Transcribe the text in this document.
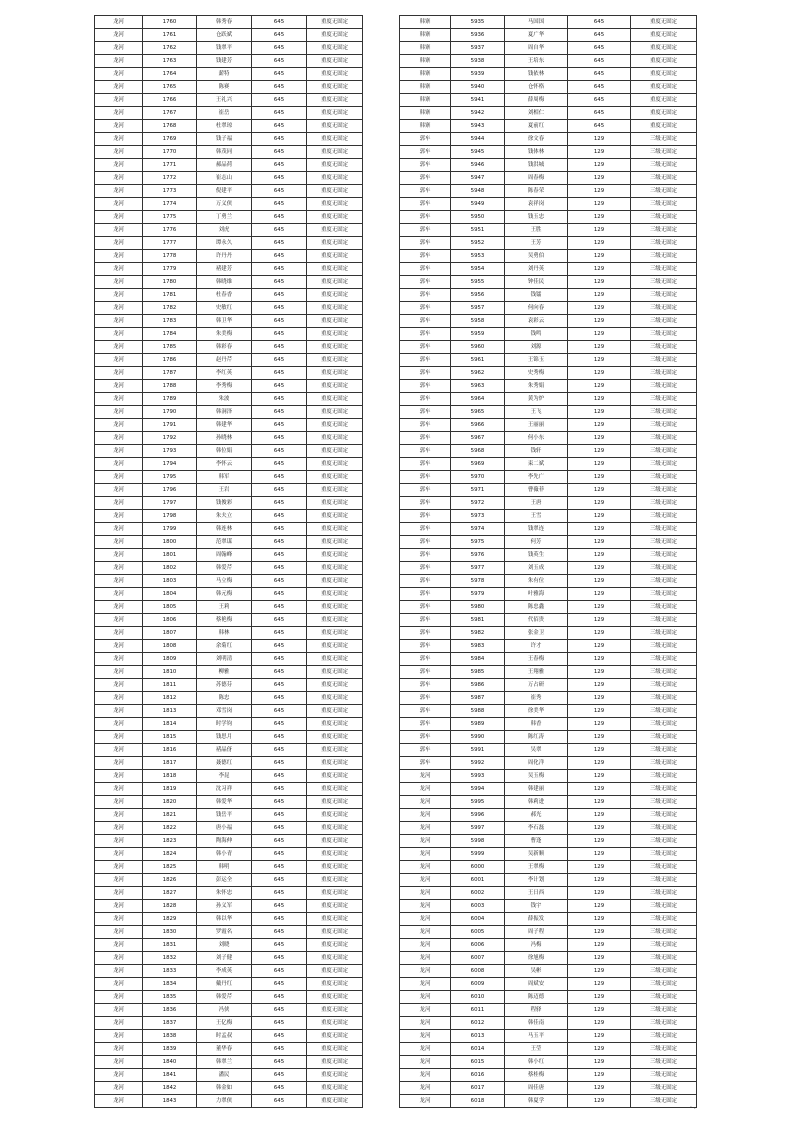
龙河	1760	韩秀春	645	重度无固定
龙河	1761	仓跃斌	645	重度无固定
龙河	1762	钱翠平	645	重度无固定
龙河	1763	钱建芳	645	重度无固定
龙河	1764	薪特	645	重度无固定
龙河	1765	陈赛	645	重度无固定
龙河	1766	王礼兴	645	重度无固定
龙河	1767	崔岳	645	重度无固定
龙河	1768	杜翠琼	645	重度无固定
龙河	1769	钱子福	645	重度无固定
龙河	1770	韩茂同	645	重度无固定
龙河	1771	郝品荷	645	重度无固定
龙河	1772	崔志山	645	重度无固定
龙河	1773	倪建平	645	重度无固定
龙河	1774	万义侠	645	重度无固定
龙河	1775	丁勇兰	645	重度无固定
龙河	1776	刘虎	645	重度无固定
龙河	1777	谭永久	645	重度无固定
龙河	1778	许丹丹	645	重度无固定
龙河	1779	褚建芳	645	重度无固定
龙河	1780	韩晓维	645	重度无固定
龙河	1781	杜春香	645	重度无固定
龙河	1782	史敏红	645	重度无固定
龙河	1783	韩卫华	645	重度无固定
龙河	1784	朱美梅	645	重度无固定
龙河	1785	韩彩春	645	重度无固定
龙河	1786	赵丹芹	645	重度无固定
龙河	1787	李红英	645	重度无固定
龙河	1788	李秀梅	645	重度无固定
龙河	1789	朱波	645	重度无固定
龙河	1790	韩洞泽	645	重度无固定
龙河	1791	韩建华	645	重度无固定
龙河	1792	孙晓林	645	重度无固定
龙河	1793	韩位娟	645	重度无固定
龙河	1794	李怀云	645	重度无固定
龙河	1795	韩军	645	重度无固定
龙河	1796	王岩	645	重度无固定
龙河	1797	钱俊彩	645	重度无固定
龙河	1798	朱夫立	645	重度无固定
龙河	1799	韩连林	645	重度无固定
龙河	1800	范翠谋	645	重度无固定
龙河	1801	周翰峰	645	重度无固定
龙河	1802	韩爱芹	645	重度无固定
龙河	1803	马立梅	645	重度无固定
龙河	1804	韩元梅	645	重度无固定
龙河	1805	王莉	645	重度无固定
龙河	1806	蔡艳梅	645	重度无固定
龙河	1807	韩林	645	重度无固定
龙河	1808	余菊红	645	重度无固定
龙河	1809	刘明清	645	重度无固定
龙河	1810	柳雅	645	重度无固定
龙河	1811	苏德芬	645	重度无固定
龙河	1812	陈忠	645	重度无固定
龙河	1813	邓雪岗	645	重度无固定
龙河	1814	时学钧	645	重度无固定
龙河	1815	钱思月	645	重度无固定
龙河	1816	褚晶伢	645	重度无固定
龙河	1817	聂德红	645	重度无固定
龙河	1818	李昆	645	重度无固定
龙河	1819	沈习祥	645	重度无固定
龙河	1820	韩爱华	645	重度无固定
龙河	1821	钱岳平	645	重度无固定
龙河	1822	唐小福	645	重度无固定
龙河	1823	陶海伸	645	重度无固定
龙河	1824	韩小青	645	重度无固定
龙河	1825	韩明	645	重度无固定
龙河	1826	彭运全	645	重度无固定
龙河	1827	朱怀忠	645	重度无固定
龙河	1828	孙义军	645	重度无固定
龙河	1829	韩以华	645	重度无固定
龙河	1830	罗霞名	645	重度无固定
龙河	1831	刘晓	645	重度无固定
龙河	1832	刘子健	645	重度无固定
龙河	1833	李成英	645	重度无固定
龙河	1834	戴丹红	645	重度无固定
龙河	1835	韩爱芹	645	重度无固定
龙河	1836	冯侠	645	重度无固定
龙河	1837	王亿梅	645	重度无固定
龙河	1838	时孟叔	645	重度无固定
龙河	1839	董华春	645	重度无固定
龙河	1840	韩翠兰	645	重度无固定
龙河	1841	潘民	645	重度无固定
龙河	1842	韩金如	645	重度无固定
龙河	1843	力翠侠	645	重度无固定
韩寨	5935	马国国	645	重度无固定
韩寨	5936	夏广华	645	重度无固定
韩寨	5937	周自华	645	重度无固定
韩寨	5938	王培东	645	重度无固定
韩寨	5939	钱依林	645	重度无固定
韩寨	5940	仓怀格	645	重度无固定
韩寨	5941	薛周梅	645	重度无固定
韩寨	5942	刘相仁	645	重度无固定
韩寨	5943	夏前红	645	重度无固定
郭车	5944	徐文春	129	三级无固定
郭车	5945	钱体林	129	三级无固定
郭车	5946	钱洪城	129	三级无固定
郭车	5947	周春梅	129	三级无固定
郭车	5948	陈春荣	129	三级无固定
郭车	5949	袁祥岗	129	三级无固定
郭车	5950	钱玉忠	129	三级无固定
郭车	5951	王胜	129	三级无固定
郭车	5952	王芳	129	三级无固定
郭车	5953	吴勇伯	129	三级无固定
郭车	5954	刘丹英	129	三级无固定
郭车	5955	钟佳民	129	三级无固定
郭车	5956	钱镭	129	三级无固定
郭车	5957	何向春	129	三级无固定
郭车	5958	袁彩云	129	三级无固定
郭车	5959	钱鸣	129	三级无固定
郭车	5960	刘源	129	三级无固定
郭车	5961	王锦玉	129	三级无固定
郭车	5962	史秀梅	129	三级无固定
郭车	5963	朱秀娟	129	三级无固定
郭车	5964	黄为炉	129	三级无固定
郭车	5965	王飞	129	三级无固定
郭车	5966	王丽丽	129	三级无固定
郭车	5967	何小东	129	三级无固定
郭车	5968	钱轩	129	三级无固定
郭车	5969	束二斌	129	三级无固定
郭车	5970	李先广	129	三级无固定
郭车	5971	曹薇菲	129	三级无固定
郭车	5972	王唐	129	三级无固定
郭车	5973	王雪	129	三级无固定
郭车	5974	钱翠连	129	三级无固定
郭车	5975	何芳	129	三级无固定
郭车	5976	钱英生	129	三级无固定
郭车	5977	刘玉成	129	三级无固定
郭车	5978	朱有位	129	三级无固定
郭车	5979	叶雅海	129	三级无固定
郭车	5980	陈忠鑫	129	三级无固定
郭车	5981	代佰贵	129	三级无固定
郭车	5982	张金卫	129	三级无固定
郭车	5983	许才	129	三级无固定
郭车	5984	王春梅	129	三级无固定
郭车	5985	王翔雅	129	三级无固定
郭车	5986	万占研	129	三级无固定
郭车	5987	崔秀	129	三级无固定
郭车	5988	徐美华	129	三级无固定
郭车	5989	韩香	129	三级无固定
郭车	5990	陈红涛	129	三级无固定
郭车	5991	吴翠	129	三级无固定
郭车	5992	周化洋	129	三级无固定
龙河	5993	吴玉梅	129	三级无固定
龙河	5994	韩建丽	129	三级无固定
龙河	5995	韩莉进	129	三级无固定
龙河	5996	郝光	129	三级无固定
龙河	5997	李石磊	129	三级无固定
龙河	5998	曹逢	129	三级无固定
龙河	5999	吴新顺	129	三级无固定
龙河	6000	王翠梅	129	三级无固定
龙河	6001	李计划	129	三级无固定
龙河	6002	王日西	129	三级无固定
龙河	6003	钱宇	129	三级无固定
龙河	6004	薛振发	129	三级无固定
龙河	6005	周子程	129	三级无固定
龙河	6006	冯梅	129	三级无固定
龙河	6007	徐旭梅	129	三级无固定
龙河	6008	吴彬	129	三级无固定
龙河	6009	周斌安	129	三级无固定
龙河	6010	陈迈德	129	三级无固定
龙河	6011	程驿	129	三级无固定
龙河	6012	韩佳南	129	三级无固定
龙河	6013	马玉平	129	三级无固定
龙河	6014	王莹	129	三级无固定
龙河	6015	韩小红	129	三级无固定
龙河	6016	蔡桂梅	129	三级无固定
龙河	6017	周佳唐	129	三级无固定
龙河	6018	韩夏学	129	三级无固定
· .
